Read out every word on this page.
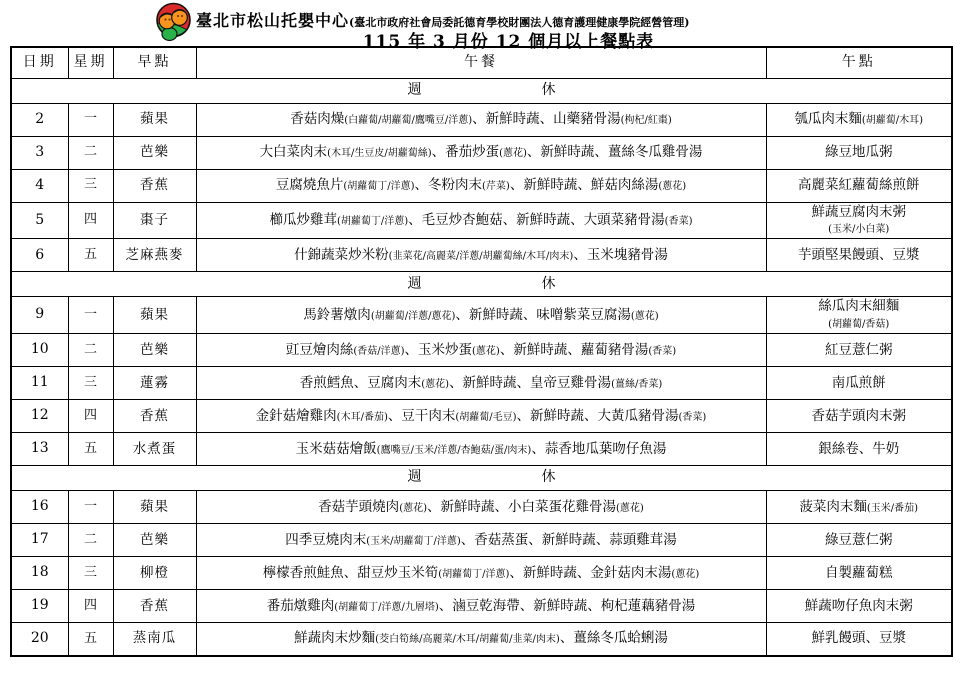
臺北市松山托嬰中心(臺北市政府社會局委託德育學校財團法人德育護理健康學院經營管理)
115 年 3 月份 12 個月以上餐點表
日期	星期	早點	午餐	午點
週 休				
2	一	蘋果	香菇肉燥(白蘿蔔/胡蘿蔔/鷹嘴豆/洋蔥)、新鮮時蔬、山藥豬骨湯(枸杞/紅棗)	瓠瓜肉末麵(胡蘿蔔/木耳)
3	二	芭樂	大白菜肉末(木耳/生豆皮/胡蘿蔔絲)、番茄炒蛋(蔥花)、新鮮時蔬、薑絲冬瓜雞骨湯	綠豆地瓜粥
4	三	香蕉	豆腐燒魚片(胡蘿蔔丁/洋蔥)、冬粉肉末(芹菜)、新鮮時蔬、鮮菇肉絲湯(蔥花)	高麗菜紅蘿蔔絲煎餅
5	四	棗子	櫛瓜炒雞茸(胡蘿蔔丁/洋蔥)、毛豆炒杏鮑菇、新鮮時蔬、大頭菜豬骨湯(香菜)	鮮蔬豆腐肉末粥
(玉米/小白菜)
6	五	芝麻燕麥	什錦蔬菜炒米粉(韭菜花/高麗菜/洋蔥/胡蘿蔔絲/木耳/肉末)、玉米塊豬骨湯	芋頭堅果饅頭、豆漿
週 休				
9	一	蘋果	馬鈴薯燉肉(胡蘿蔔/洋蔥/蔥花)、新鮮時蔬、味噌紫菜豆腐湯(蔥花)	絲瓜肉末細麵
(胡蘿蔔/香菇)
10	二	芭樂	豇豆燴肉絲(香菇/洋蔥)、玉米炒蛋(蔥花)、新鮮時蔬、蘿蔔豬骨湯(香菜)	紅豆薏仁粥
11	三	蓮霧	香煎鱈魚、豆腐肉末(蔥花)、新鮮時蔬、皇帝豆雞骨湯(薑絲/香菜)	南瓜煎餅
12	四	香蕉	金針菇燴雞肉(木耳/番茄)、豆干肉末(胡蘿蔔/毛豆)、新鮮時蔬、大黃瓜豬骨湯(香菜)	香菇芋頭肉末粥
13	五	水煮蛋	玉米菇菇燴飯(鷹嘴豆/玉米/洋蔥/杏鮑菇/蛋/肉末)、蒜香地瓜葉吻仔魚湯	銀絲卷、牛奶
週 休				
16	一	蘋果	香菇芋頭燒肉(蔥花)、新鮮時蔬、小白菜蛋花雞骨湯(蔥花)	菠菜肉末麵(玉米/番茄)
17	二	芭樂	四季豆燒肉末(玉米/胡蘿蔔丁/洋蔥)、香菇蒸蛋、新鮮時蔬、蒜頭雞茸湯	綠豆薏仁粥
18	三	柳橙	檸檬香煎鮭魚、甜豆炒玉米筍(胡蘿蔔丁/洋蔥)、新鮮時蔬、金針菇肉末湯(蔥花)	自製蘿蔔糕
19	四	香蕉	番茄燉雞肉(胡蘿蔔丁/洋蔥/九層塔)、滷豆乾海帶、新鮮時蔬、枸杞蓮藕豬骨湯	鮮蔬吻仔魚肉末粥
20	五	蒸南瓜	鮮蔬肉末炒麵(茭白筍絲/高麗菜/木耳/胡蘿蔔/韭菜/肉末)、薑絲冬瓜蛤蜊湯	鮮乳饅頭、豆漿
